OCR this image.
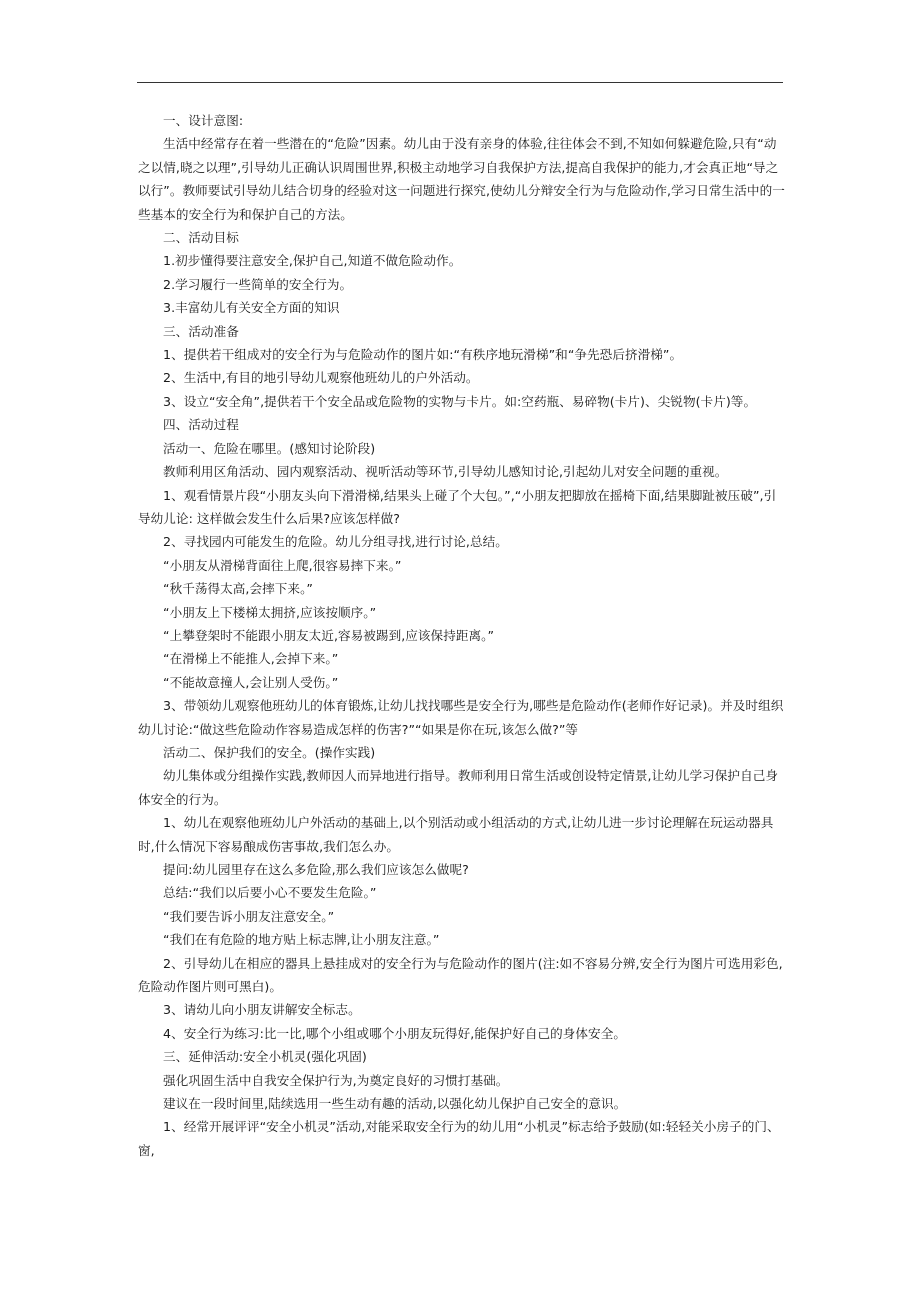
一、设计意图:

生活中经常存在着一些潜在的“危险”因素。幼儿由于没有亲身的体验,往往体会不到,不知如何躲避危险,只有“动之以情,晓之以理”,引导幼儿正确认识周围世界,积极主动地学习自我保护方法,提高自我保护的能力,才会真正地“导之以行”。教师要试引导幼儿结合切身的经验对这一问题进行探究,使幼儿分辩安全行为与危险动作,学习日常生活中的一些基本的安全行为和保护自己的方法。

二、活动目标

1.初步懂得要注意安全,保护自己,知道不做危险动作。

2.学习履行一些简单的安全行为。

3.丰富幼儿有关安全方面的知识

三、活动准备

1、提供若干组成对的安全行为与危险动作的图片如:“有秩序地玩滑梯”和“争先恐后挤滑梯”。

2、生活中,有目的地引导幼儿观察他班幼儿的户外活动。

3、设立“安全角”,提供若干个安全品或危险物的实物与卡片。如:空药瓶、易碎物(卡片)、尖锐物(卡片)等。

四、活动过程

活动一、危险在哪里。(感知讨论阶段)

教师利用区角活动、园内观察活动、视听活动等环节,引导幼儿感知讨论,引起幼儿对安全问题的重视。

1、观看情景片段“小朋友头向下滑滑梯,结果头上碰了个大包。”,“小朋友把脚放在摇椅下面,结果脚趾被压破”,引导幼儿论: 这样做会发生什么后果?应该怎样做?

2、寻找园内可能发生的危险。幼儿分组寻找,进行讨论,总结。

“小朋友从滑梯背面往上爬,很容易摔下来。”

“秋千荡得太高,会摔下来。”

“小朋友上下楼梯太拥挤,应该按顺序。”

“上攀登架时不能跟小朋友太近,容易被踢到,应该保持距离。”

“在滑梯上不能推人,会掉下来。”

“不能故意撞人,会让别人受伤。”

3、带领幼儿观察他班幼儿的体育锻炼,让幼儿找找哪些是安全行为,哪些是危险动作(老师作好记录)。并及时组织幼儿讨论:“做这些危险动作容易造成怎样的伤害?”“如果是你在玩,该怎么做?”等

活动二、保护我们的安全。(操作实践)

幼儿集体或分组操作实践,教师因人而异地进行指导。教师利用日常生活或创设特定情景,让幼儿学习保护自己身体安全的行为。

1、幼儿在观察他班幼儿户外活动的基础上,以个别活动或小组活动的方式,让幼儿进一步讨论理解在玩运动器具时,什么情况下容易酿成伤害事故,我们怎么办。

提问:幼儿园里存在这么多危险,那么我们应该怎么做呢?

总结:“我们以后要小心不要发生危险。”

“我们要告诉小朋友注意安全。”

“我们在有危险的地方贴上标志牌,让小朋友注意。”

2、引导幼儿在相应的器具上悬挂成对的安全行为与危险动作的图片(注:如不容易分辨,安全行为图片可选用彩色,危险动作图片则可黑白)。

3、请幼儿向小朋友讲解安全标志。

4、安全行为练习:比一比,哪个小组或哪个小朋友玩得好,能保护好自己的身体安全。

三、延伸活动:安全小机灵(强化巩固)

强化巩固生活中自我安全保护行为,为奠定良好的习惯打基础。

建议在一段时间里,陆续选用一些生动有趣的活动,以强化幼儿保护自己安全的意识。

1、经常开展评评“安全小机灵”活动,对能采取安全行为的幼儿用“小机灵”标志给予鼓励(如:轻轻关小房子的门、窗,
